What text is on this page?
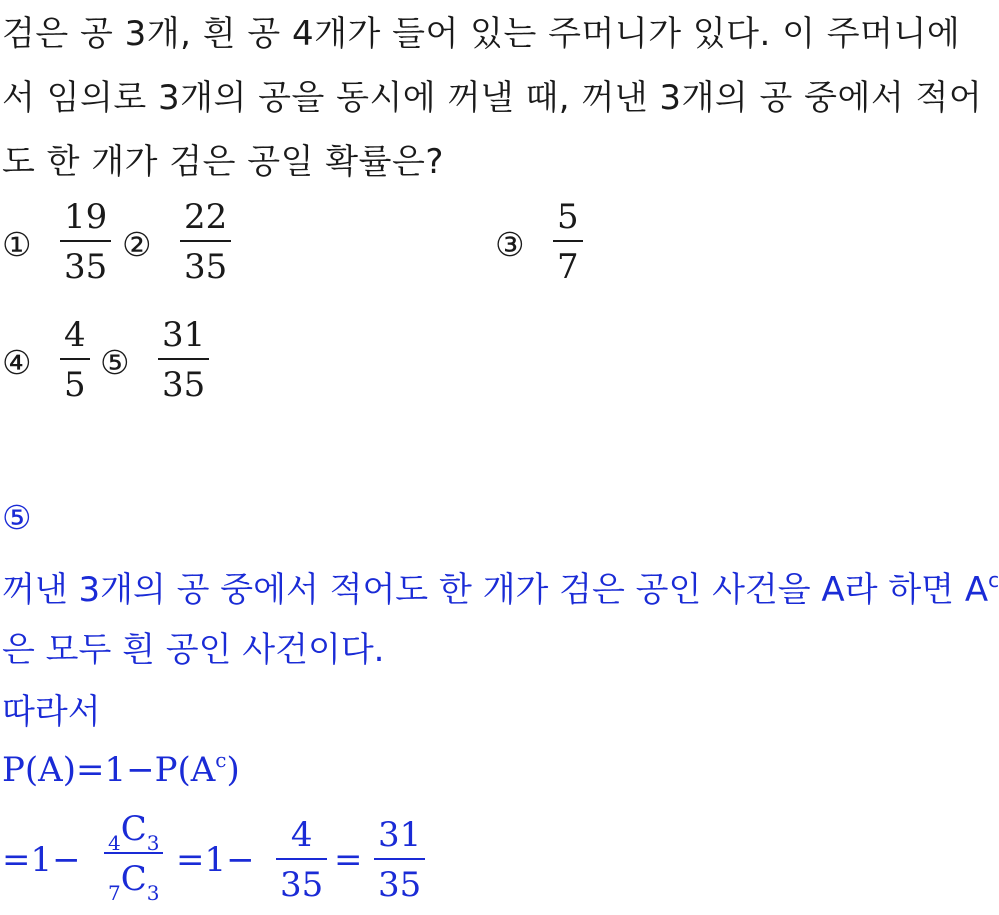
검은 공 3개, 흰 공 4개가 들어 있는 주머니가 있다. 이 주머니에
서 임의로 3개의 공을 동시에 꺼낼 때, 꺼낸 3개의 공 중에서 적어
도 한 개가 검은 공일 확률은?
①
19
35
②
22
35
③
5
7
④
4
5
⑤
31
35
⑤
꺼낸 3개의 공 중에서 적어도 한 개가 검은 공인 사건을 A라 하면 $A^c$
은 모두 흰 공인 사건이다.
따라서
$P(A)=1-P(A^c)$
$=1- _4C_3$
$_7C_3$
=1−
4
35
=
31
35
